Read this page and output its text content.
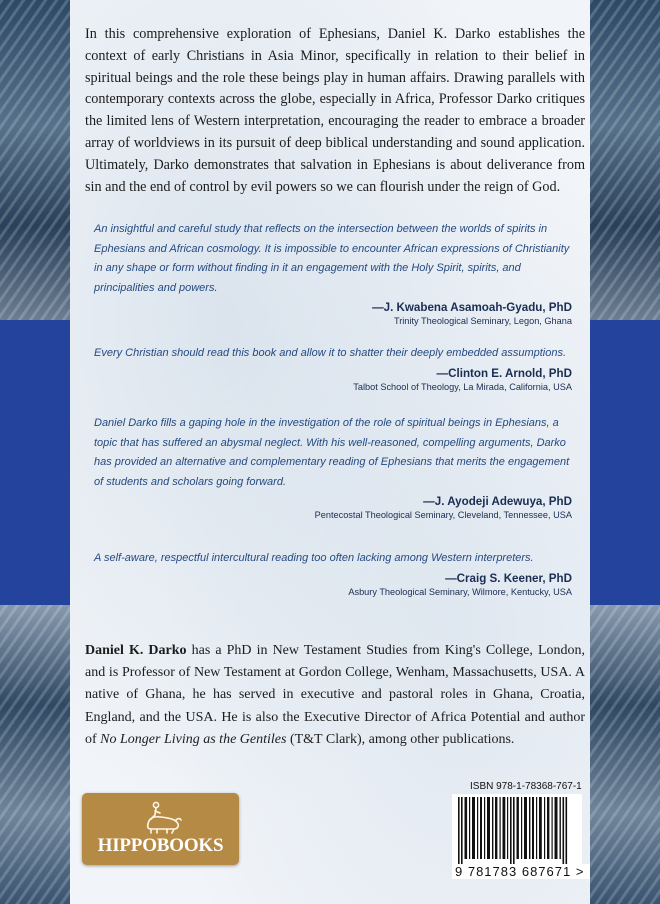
In this comprehensive exploration of Ephesians, Daniel K. Darko establishes the context of early Christians in Asia Minor, specifically in relation to their belief in spiritual beings and the role these beings play in human affairs. Drawing parallels with contemporary contexts across the globe, especially in Africa, Professor Darko critiques the limited lens of Western interpretation, encouraging the reader to embrace a broader array of worldviews in its pursuit of deep biblical understanding and sound application. Ultimately, Darko demonstrates that salvation in Ephesians is about deliverance from sin and the end of control by evil powers so we can flourish under the reign of God.

An insightful and careful study that reflects on the intersection between the worlds of spirits in Ephesians and African cosmology. It is impossible to encounter African expressions of Christianity in any shape or form without finding in it an engagement with the Holy Spirit, spirits, and principalities and powers.
—J. Kwabena Asamoah-Gyadu, PhD
Trinity Theological Seminary, Legon, Ghana
Every Christian should read this book and allow it to shatter their deeply embedded assumptions.
—Clinton E. Arnold, PhD
Talbot School of Theology, La Mirada, California, USA
Daniel Darko fills a gaping hole in the investigation of the role of spiritual beings in Ephesians, a topic that has suffered an abysmal neglect. With his well-reasoned, compelling arguments, Darko has provided an alternative and complementary reading of Ephesians that merits the engagement of students and scholars going forward.
—J. Ayodeji Adewuya, PhD
Pentecostal Theological Seminary, Cleveland, Tennessee, USA
A self-aware, respectful intercultural reading too often lacking among Western interpreters.
—Craig S. Keener, PhD
Asbury Theological Seminary, Wilmore, Kentucky, USA

Daniel K. Darko has a PhD in New Testament Studies from King's College, London, and is Professor of New Testament at Gordon College, Wenham, Massachusetts, USA. A native of Ghana, he has served in executive and pastoral roles in Ghana, Croatia, England, and the USA. He is also the Executive Director of Africa Potential and author of No Longer Living as the Gentiles (T&T Clark), among other publications.

HIPPOBOOKS
ISBN 978-1-78368-767-1
9 781783 687671 >
